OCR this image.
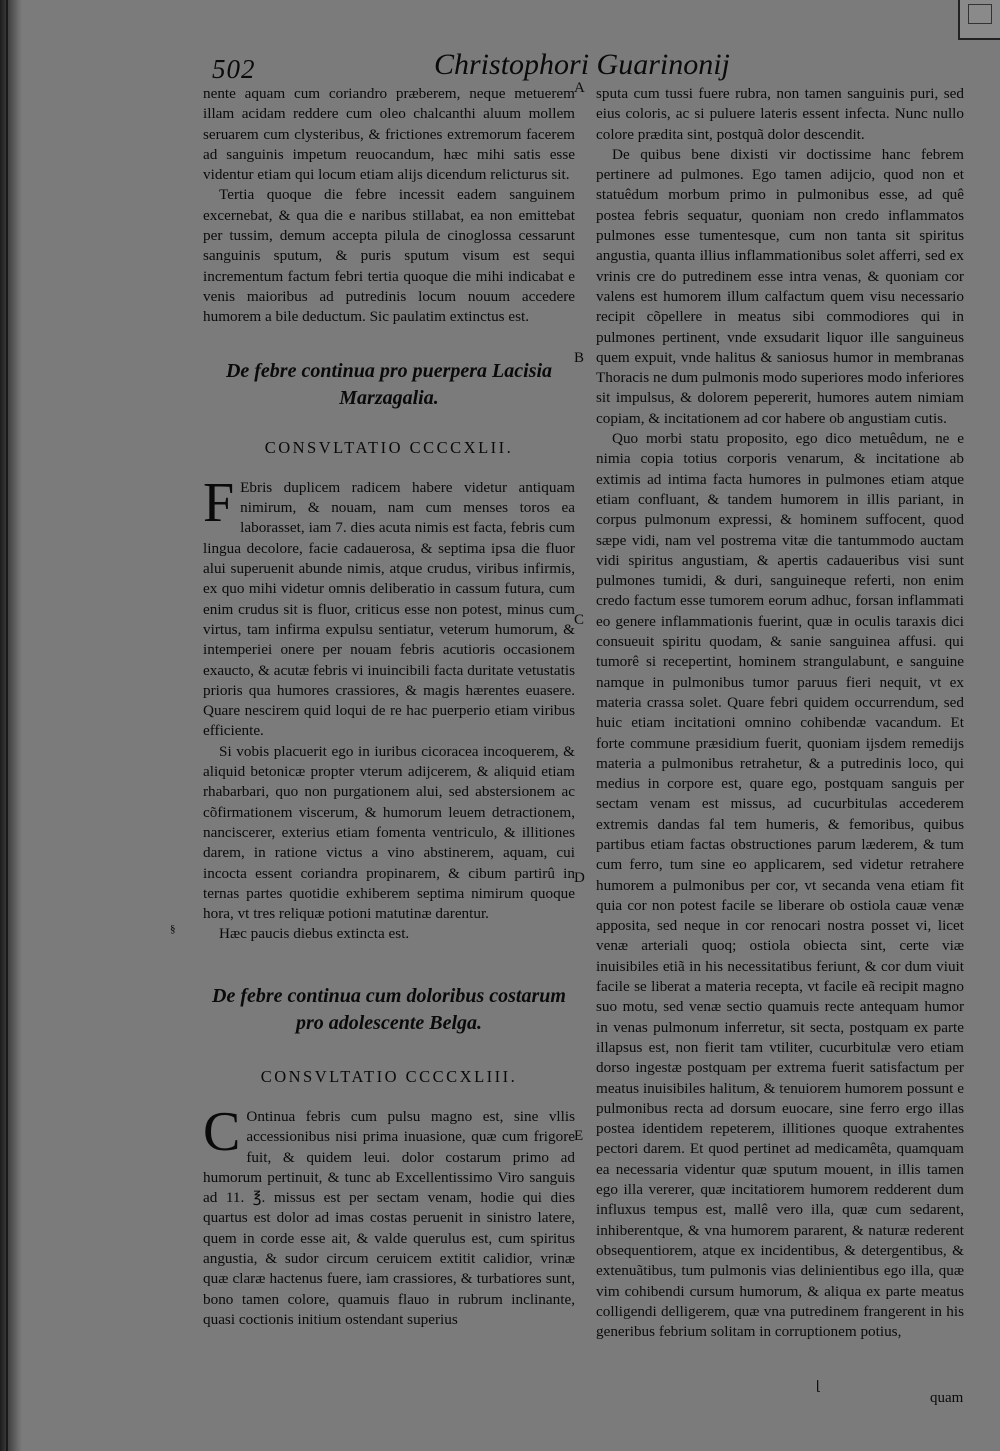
502	Christophori Guarinonij

nente aquam cum coriandro præberem, neque metuerem illam acidam reddere cum oleo chalcanthi aluum mollem seruarem cum clysteribus, & frictiones extremorum facerem ad sanguinis impetum reuocandum, hæc mihi satis esse videntur etiam qui locum etiam alijs dicendum relicturus sit.

Tertia quoque die febre incessit eadem sanguinem excernebat, & qua die e naribus stillabat, ea non emittebat per tussim, demum accepta pilula de cinoglossa cessarunt sanguinis sputum, & puris sputum visum est sequi incrementum factum febri tertia quoque die mihi indicabat e venis maioribus ad putredinis locum nouum accedere humorem a bile deductum. Sic paulatim extinctus est.

De febre continua pro puerpera Lacisia
Marzagalia.
CONSVLTATIO CCCCXLII.

F Ebris duplicem radicem habere videtur antiquam nimirum, & nouam, nam cum menses toros ea laborasset, iam 7. dies acuta nimis est facta, febris cum lingua decolore, facie cadauerosa, & septima ipsa die fluor alui superuenit abunde nimis, atque crudus, viribus infirmis, ex quo mihi videtur omnis deliberatio in cassum futura, cum enim crudus sit is fluor, criticus esse non potest, minus cum virtus, tam infirma expulsu sentiatur, veterum humorum, & intemperiei onere per nouam febris acutioris occasionem exaucto, & acutæ febris vi inuincibili facta duritate vetustatis prioris qua humores crassiores, & magis hærentes euasere. Quare nescirem quid loqui de re hac puerperio etiam viribus efficiente.

Si vobis placuerit ego in iuribus cicoracea incoquerem, & aliquid betonicæ propter vterum adijcerem, & aliquid etiam rhabarbari, quo non purgationem alui, sed abstersionem ac cõfirmationem viscerum, & humorum leuem detractionem, nanciscerer, exterius etiam fomenta ventriculo, & illitiones darem, in ratione victus a vino abstinerem, aquam, cui incocta essent coriandra propinarem, & cibum partirû in ternas partes quotidie exhiberem septima nimirum quoque hora, vt tres reliquæ potioni matutinæ darentur.

Hæc paucis diebus extincta est.

De febre continua cum doloribus costarum
pro adolescente Belga.
CONSVLTATIO CCCCXLIII.

C Ontinua febris cum pulsu magno est, sine vllis accessionibus nisi prima inuasione, quæ cum frigore fuit, & quidem leui. dolor costarum primo ad humorum pertinuit, & tunc ab Excellentissimo Viro sanguis ad 11. ℥. missus est per sectam venam, hodie qui dies quartus est dolor ad imas costas peruenit in sinistro latere, quem in corde esse ait, & valde querulus est, cum spiritus angustia, & sudor circum ceruicem extitit calidior, vrinæ quæ claræ hactenus fuere, iam crassiores, & turbatiores sunt, bono tamen colore, quamuis flauo in rubrum inclinante, quasi coctionis initium ostendant superius

A
B
C
D
E

sputa cum tussi fuere rubra, non tamen sanguinis puri, sed eius coloris, ac si puluere lateris essent infecta. Nunc nullo colore prædita sint, postquã dolor descendit.

De quibus bene dixisti vir doctissime hanc febrem pertinere ad pulmones. Ego tamen adijcio, quod non et statuêdum morbum primo in pulmonibus esse, ad quê postea febris sequatur, quoniam non credo inflammatos pulmones esse tumentesque, cum non tanta sit spiritus angustia, quanta illius inflammationibus solet afferri, sed ex vrinis cre do putredinem esse intra venas, & quoniam cor valens est humorem illum calfactum quem visu necessario recipit cõpellere in meatus sibi commodiores qui in pulmones pertinent, vnde exsudarit liquor ille sanguineus quem expuit, vnde halitus & saniosus humor in membranas Thoracis ne dum pulmonis modo superiores modo inferiores sit impulsus, & dolorem pepererit, humores autem nimiam copiam, & incitationem ad cor habere ob angustiam cutis.

Quo morbi statu proposito, ego dico metuêdum, ne e nimia copia totius corporis venarum, & incitatione ab extimis ad intima facta humores in pulmones etiam atque etiam confluant, & tandem humorem in illis pariant, in corpus pulmonum expressi, & hominem suffocent, quod sæpe vidi, nam vel postrema vitæ die tantummodo auctam vidi spiritus angustiam, & apertis cadaueribus visi sunt pulmones tumidi, & duri, sanguineque referti, non enim credo factum esse tumorem eorum adhuc, forsan inflammati eo genere inflammationis fuerint, quæ in oculis taraxis dici consueuit spiritu quodam, & sanie sanguinea affusi. qui tumorê si recepertint, hominem strangulabunt, e sanguine namque in pulmonibus tumor paruus fieri nequit, vt ex materia crassa solet. Quare febri quidem occurrendum, sed huic etiam incitationi omnino cohibendæ vacandum. Et forte commune præsidium fuerit, quoniam ijsdem remedijs materia a pulmonibus retrahetur, & a putredinis loco, qui medius in corpore est, quare ego, postquam sanguis per sectam venam est missus, ad cucurbitulas accederem extremis dandas fal tem humeris, & femoribus, quibus partibus etiam factas obstructiones parum læderem, & tum cum ferro, tum sine eo applicarem, sed videtur retrahere humorem a pulmonibus per cor, vt secanda vena etiam fit quia cor non potest facile se liberare ob ostiola cauæ venæ apposita, sed neque in cor renocari nostra posset vi, licet venæ arteriali quoq; ostiola obiecta sint, certe viæ inuisibiles etiã in his necessitatibus feriunt, & cor dum viuit facile se liberat a materia recepta, vt facile eã recipit magno suo motu, sed venæ sectio quamuis recte antequam humor in venas pulmonum inferretur, sit secta, postquam ex parte illapsus est, non fierit tam vtiliter, cucurbitulæ vero etiam dorso ingestæ postquam per extrema fuerit satisfactum per meatus inuisibiles halitum, & tenuiorem humorem possunt e pulmonibus recta ad dorsum euocare, sine ferro ergo illas postea identidem repeterem, illitiones quoque extrahentes pectori darem. Et quod pertinet ad medicamêta, quamquam ea necessaria videntur quæ sputum mouent, in illis tamen ego illa vererer, quæ incitatiorem humorem redderent dum influxus tempus est, mallê vero illa, quæ cum sedarent, inhiberentque, & vna humorem pararent, & naturæ rederent obsequentiorem, atque ex incidentibus, & detergentibus, & extenuãtibus, tum pulmonis vias delinientibus ego illa, quæ vim cohibendi cursum humorum, & aliqua ex parte meatus colligendi delligerem, quæ vna putredinem frangerent in his generibus febrium solitam in corruptionem potius,

§
⌊
quam
